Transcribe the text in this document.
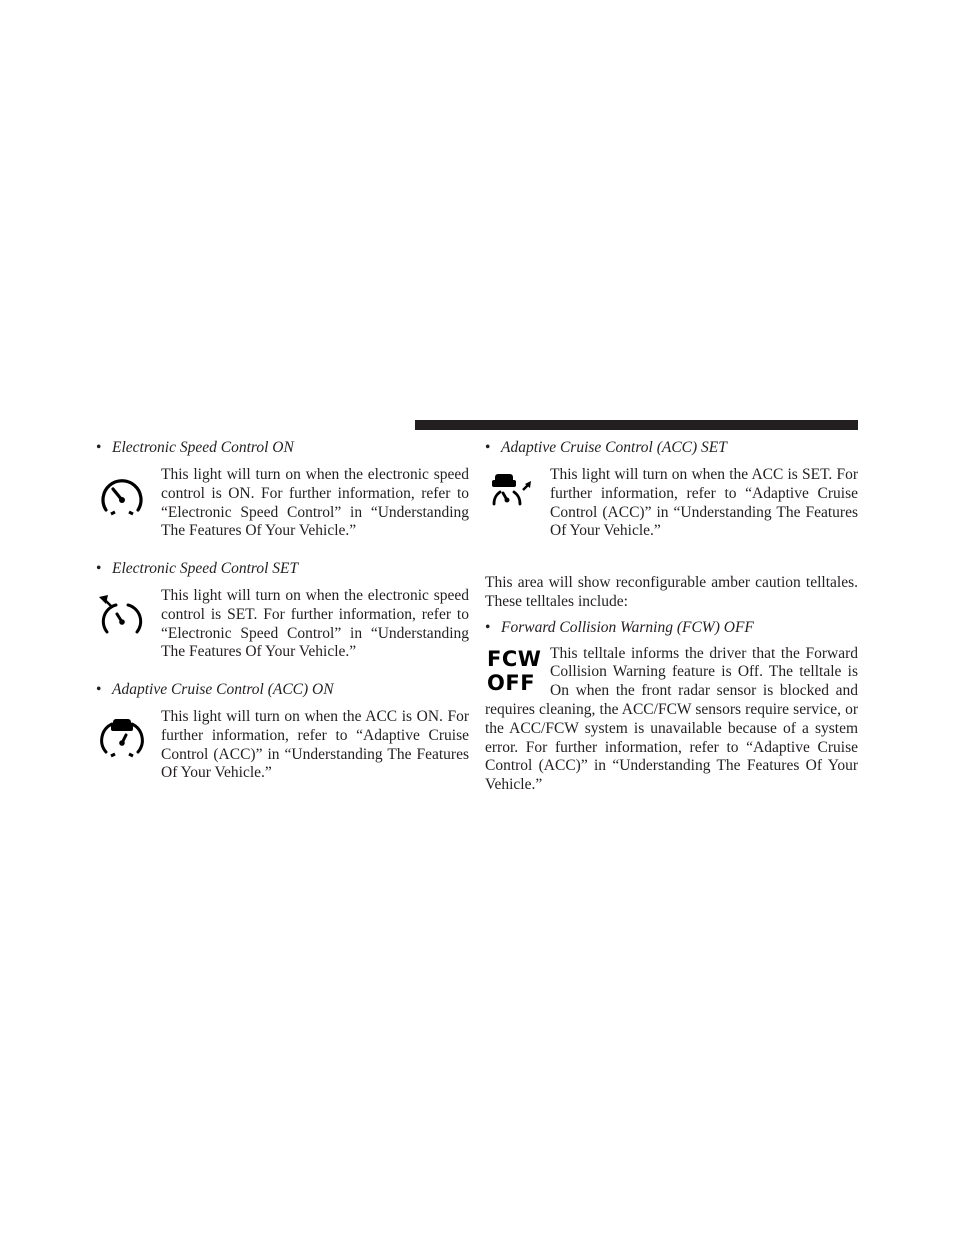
• Electronic Speed Control ON
This light will turn on when the electronic speed control is ON. For further information, refer to “Electronic Speed Control” in “Understanding The Features Of Your Vehicle.”
• Electronic Speed Control SET
This light will turn on when the electronic speed control is SET. For further information, refer to “Electronic Speed Control” in “Understanding The Features Of Your Vehicle.”
• Adaptive Cruise Control (ACC) ON
This light will turn on when the ACC is ON. For further information, refer to “Adaptive Cruise Control (ACC)” in “Understanding The Features Of Your Vehicle.”
• Adaptive Cruise Control (ACC) SET
This light will turn on when the ACC is SET. For further information, refer to “Adaptive Cruise Control (ACC)” in “Understanding The Features Of Your Vehicle.”
This area will show reconfigurable amber caution telltales. These telltales include:
• Forward Collision Warning (FCW) OFF
FCW
OFF
This telltale informs the driver that the Forward Collision Warning feature is Off. The telltale is On when the front radar sensor is blocked and requires cleaning, the ACC/FCW sensors require service, or the ACC/FCW system is unavailable because of a system error. For further information, refer to “Adaptive Cruise Control (ACC)” in “Understanding The Features Of Your Vehicle.”
